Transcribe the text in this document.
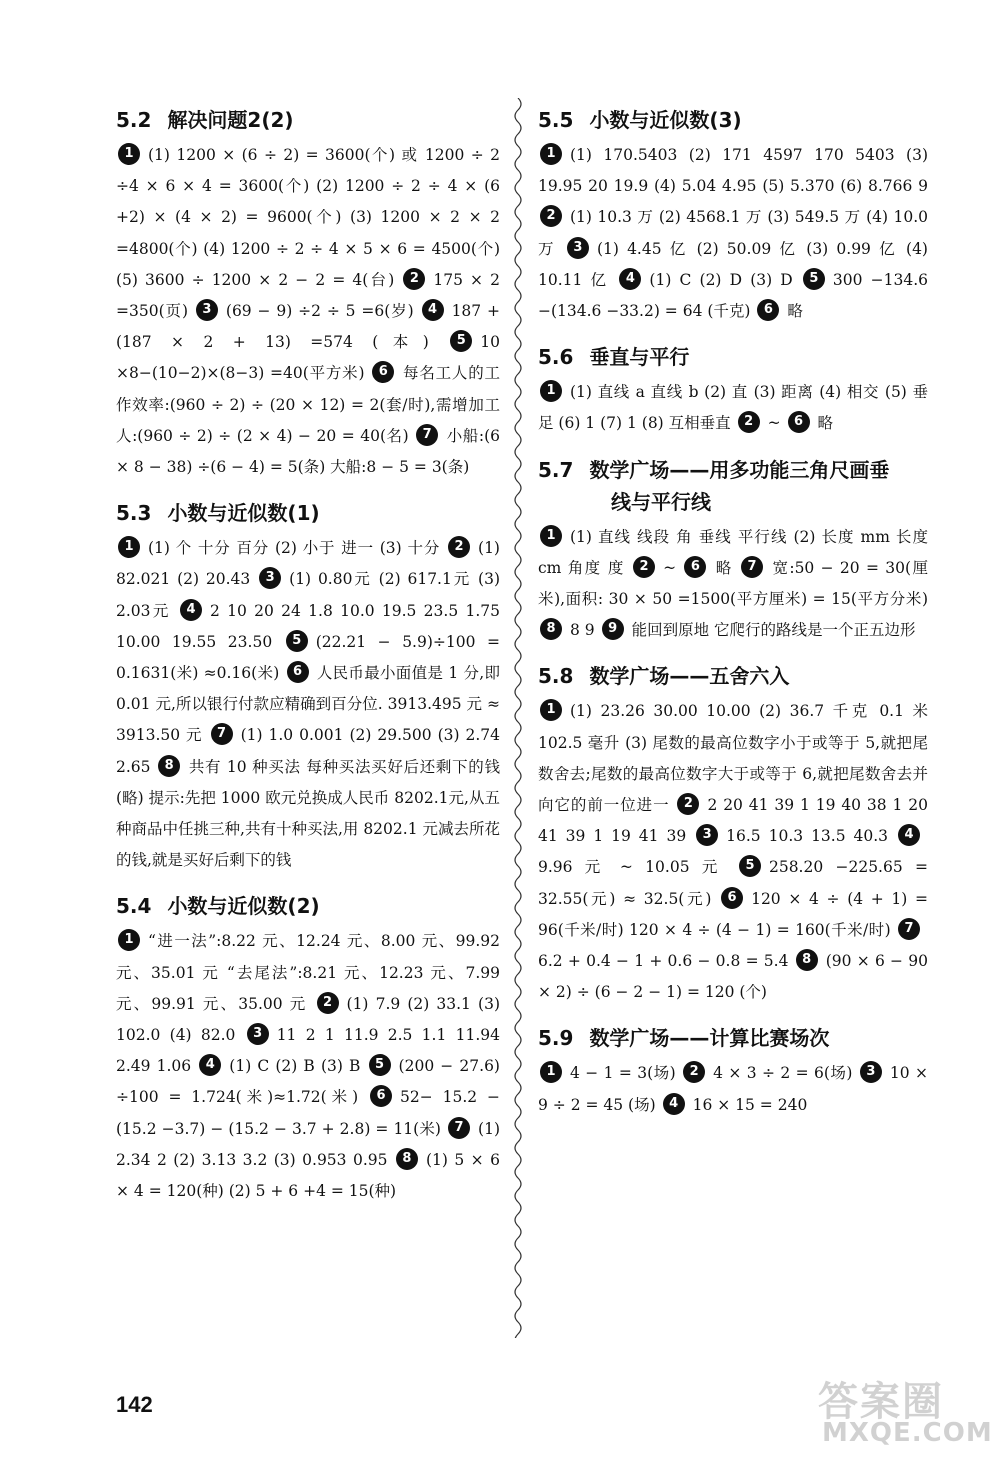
5.2 解决问题2(2)
1 (1) 1200 × (6 ÷ 2) = 3600(个) 或 1200 ÷ 2 ÷4 × 6 × 4 = 3600(个) (2) 1200 ÷ 2 ÷ 4 × (6 +2) × (4 × 2) = 9600(个) (3) 1200 × 2 × 2 =4800(个) (4) 1200 ÷ 2 ÷ 4 × 5 × 6 = 4500(个) (5) 3600 ÷ 1200 × 2 − 2 = 4(台) 2 175 × 2 =350(页) 3 (69 − 9) ÷2 ÷ 5 =6(岁) 4 187 + (187 × 2 + 13) =574 (本) 5 10 ×8−(10−2)×(8−3) =40(平方米) 6 每名工人的工作效率:(960 ÷ 2) ÷ (20 × 12) = 2(套/时),需增加工人:(960 ÷ 2) ÷ (2 × 4) − 20 = 40(名) 7 小船:(6 × 8 − 38) ÷(6 − 4) = 5(条) 大船:8 − 5 = 3(条)
5.3 小数与近似数(1)
1 (1) 个 十分 百分 (2) 小于 进一 (3) 十分 2 (1) 82.021 (2) 20.43 3 (1) 0.80元 (2) 617.1元 (3) 2.03元 4 2 10 20 24 1.8 10.0 19.5 23.5 1.75 10.00 19.55 23.50 5 (22.21 − 5.9)÷100 = 0.1631(米) ≈0.16(米) 6 人民币最小面值是 1 分,即 0.01 元,所以银行付款应精确到百分位. 3913.495 元 ≈ 3913.50 元 7 (1) 1.0 0.001 (2) 29.500 (3) 2.74 2.65 8 共有 10 种买法 每种买法买好后还剩下的钱(略) 提示:先把 1000 欧元兑换成人民币 8202.1元,从五种商品中任挑三种,共有十种买法,用 8202.1 元减去所花的钱,就是买好后剩下的钱
5.4 小数与近似数(2)
1 “进一法”:8.22 元、12.24 元、8.00 元、99.92元、35.01 元 “去尾法”:8.21 元、12.23 元、7.99 元、99.91 元、35.00 元 2 (1) 7.9 (2) 33.1 (3) 102.0 (4) 82.0 3 11 2 1 11.9 2.5 1.1 11.94 2.49 1.06 4 (1) C (2) B (3) B 5 (200 − 27.6) ÷100 = 1.724(米)≈1.72(米) 6 52− 15.2 − (15.2 −3.7) − (15.2 − 3.7 + 2.8) = 11(米) 7 (1) 2.34 2 (2) 3.13 3.2 (3) 0.953 0.95 8 (1) 5 × 6 × 4 = 120(种) (2) 5 + 6 +4 = 15(种)
5.5 小数与近似数(3)
1 (1) 170.5403 (2) 171 4597 170 5403 (3) 19.95 20 19.9 (4) 5.04 4.95 (5) 5.370 (6) 8.766 9 2 (1) 10.3 万 (2) 4568.1 万 (3) 549.5 万 (4) 10.0 万 3 (1) 4.45 亿 (2) 50.09 亿 (3) 0.99 亿 (4) 10.11 亿 4 (1) C (2) D (3) D 5 300 −134.6 −(134.6 −33.2) = 64 (千克) 6 略
5.6 垂直与平行
1 (1) 直线 a 直线 b (2) 直 (3) 距离 (4) 相交 (5) 垂足 (6) 1 (7) 1 (8) 互相垂直 2 ~ 6 略
5.7 数学广场——用多功能三角尺画垂
线与平行线
1 (1) 直线 线段 角 垂线 平行线 (2) 长度 mm 长度 cm 角度 度 2 ~ 6 略 7 宽:50 − 20 = 30(厘米),面积: 30 × 50 =1500(平方厘米) = 15(平方分米) 8 8 9 9 能回到原地 它爬行的路线是一个正五边形
5.8 数学广场——五舍六入
1 (1) 23.26 30.00 10.00 (2) 36.7 千克 0.1 米 102.5 毫升 (3) 尾数的最高位数字小于或等于 5,就把尾数舍去;尾数的最高位数字大于或等于 6,就把尾数舍去并向它的前一位进一 2 2 20 41 39 1 19 40 38 1 20 41 39 1 19 41 39 3 16.5 10.3 13.5 40.3 49.96 元 ~ 10.05 元 5 258.20 −225.65 = 32.55(元) ≈ 32.5(元) 6 120 × 4 ÷ (4 + 1) = 96(千米/时) 120 × 4 ÷ (4 − 1) = 160(千米/时) 76.2 + 0.4 − 1 + 0.6 − 0.8 = 5.4 8 (90 × 6 − 90 × 2) ÷ (6 − 2 − 1) = 120 (个)
5.9 数学广场——计算比赛场次
1 4 − 1 = 3(场) 2 4 × 3 ÷ 2 = 6(场) 3 10 × 9 ÷ 2 = 45 (场) 4 16 × 15 = 240
142	答案圈
MXQE.COM
